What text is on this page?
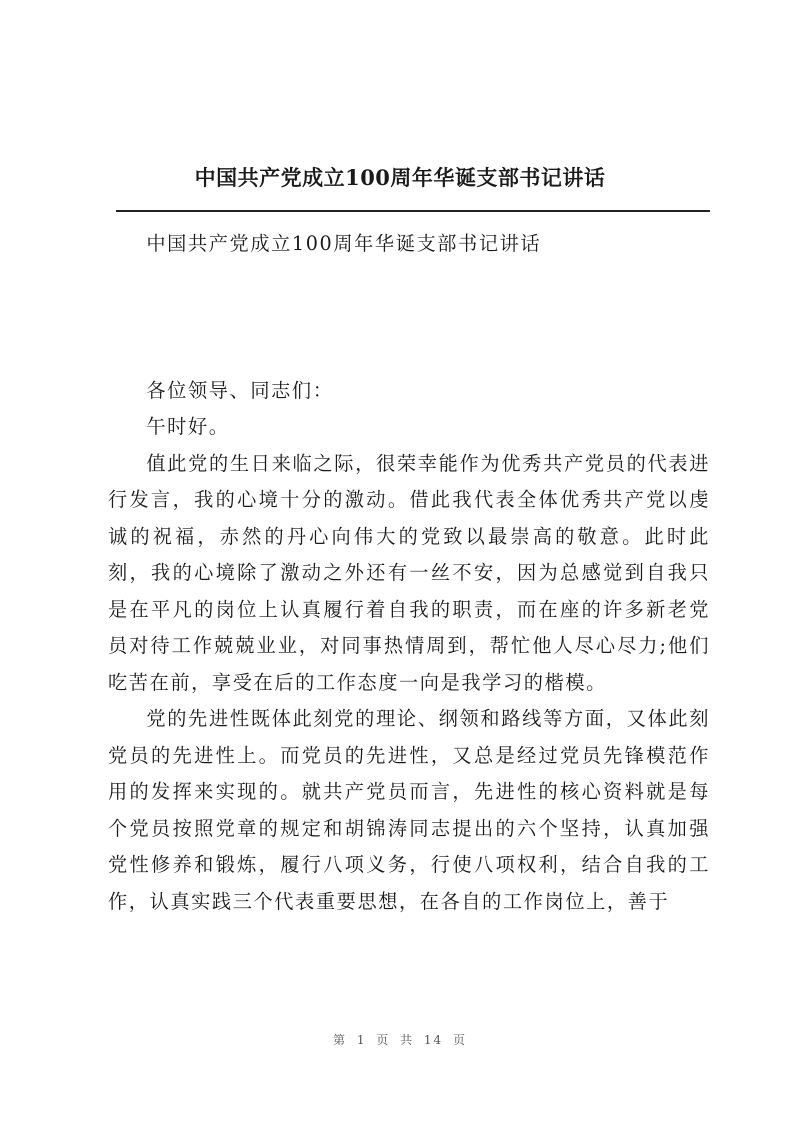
中国共产党成立100周年华诞支部书记讲话

中国共产党成立100周年华诞支部书记讲话

各位领导、同志们：

午时好。

值此党的生日来临之际，很荣幸能作为优秀共产党员的代表进行发言，我的心境十分的激动。借此我代表全体优秀共产党以虔诚的祝福，赤然的丹心向伟大的党致以最崇高的敬意。此时此刻，我的心境除了激动之外还有一丝不安，因为总感觉到自我只是在平凡的岗位上认真履行着自我的职责，而在座的许多新老党员对待工作兢兢业业，对同事热情周到，帮忙他人尽心尽力;他们吃苦在前，享受在后的工作态度一向是我学习的楷模。

党的先进性既体此刻党的理论、纲领和路线等方面，又体此刻党员的先进性上。而党员的先进性，又总是经过党员先锋模范作用的发挥来实现的。就共产党员而言，先进性的核心资料就是每个党员按照党章的规定和胡锦涛同志提出的六个坚持，认真加强党性修养和锻炼，履行八项义务，行使八项权利，结合自我的工作，认真实践三个代表重要思想，在各自的工作岗位上，善于

第 1 页 共 14 页
